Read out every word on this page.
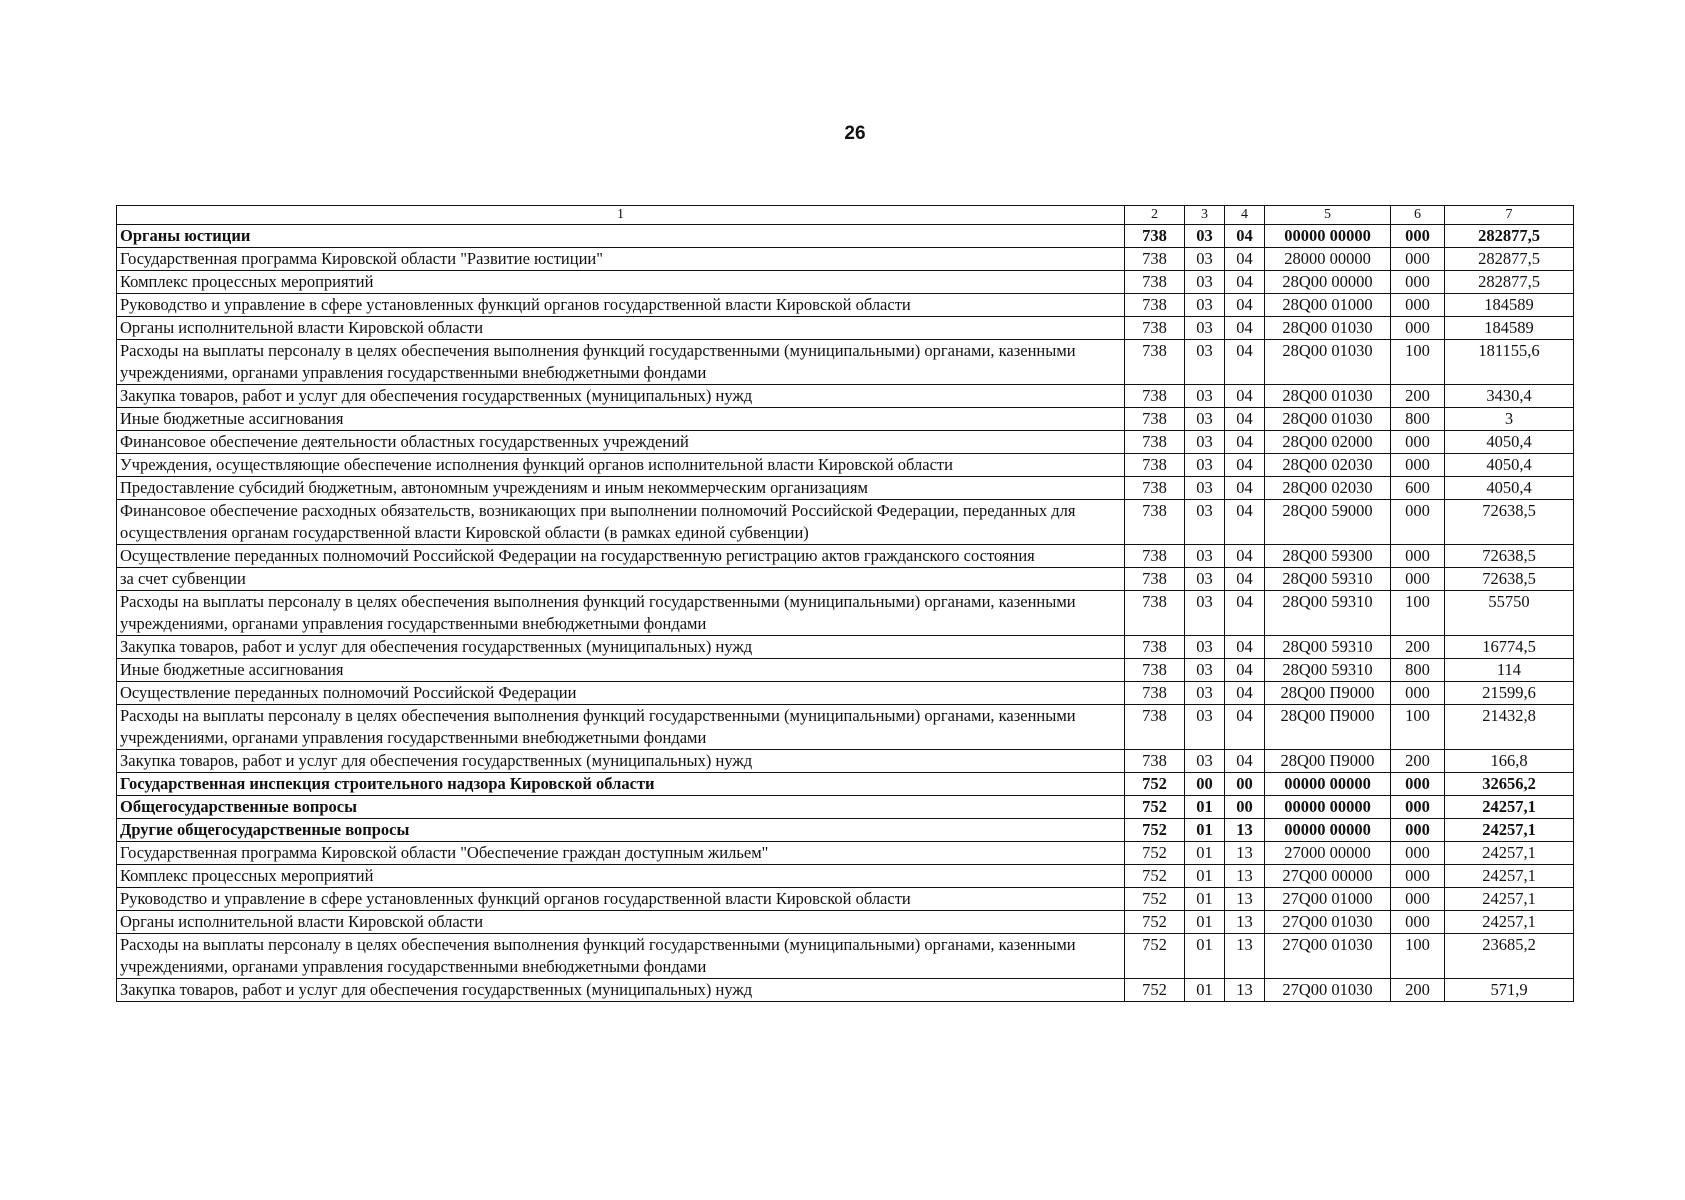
26
1	2	3	4	5	6	7
Органы юстиции	738	03	04	00000 00000	000	282877,5
Государственная программа Кировской области "Развитие юстиции"	738	03	04	28000 00000	000	282877,5
Комплекс процессных мероприятий	738	03	04	28Q00 00000	000	282877,5
Руководство и управление в сфере установленных функций органов государственной власти Кировской области	738	03	04	28Q00 01000	000	184589
Органы исполнительной власти Кировской области	738	03	04	28Q00 01030	000	184589
Расходы на выплаты персоналу в целях обеспечения выполнения функций государственными (муниципальными) органами, казенными учреждениями, органами управления государственными внебюджетными фондами	738	03	04	28Q00 01030	100	181155,6
Закупка товаров, работ и услуг для обеспечения государственных (муниципальных) нужд	738	03	04	28Q00 01030	200	3430,4
Иные бюджетные ассигнования	738	03	04	28Q00 01030	800	3
Финансовое обеспечение деятельности областных государственных учреждений	738	03	04	28Q00 02000	000	4050,4
Учреждения, осуществляющие обеспечение исполнения функций органов исполнительной власти Кировской области	738	03	04	28Q00 02030	000	4050,4
Предоставление субсидий бюджетным, автономным учреждениям и иным некоммерческим организациям	738	03	04	28Q00 02030	600	4050,4
Финансовое обеспечение расходных обязательств, возникающих при выполнении полномочий Российской Федерации, переданных для осуществления органам государственной власти Кировской области (в рамках единой субвенции)	738	03	04	28Q00 59000	000	72638,5
Осуществление переданных полномочий Российской Федерации на государственную регистрацию актов гражданского состояния	738	03	04	28Q00 59300	000	72638,5
за счет субвенции	738	03	04	28Q00 59310	000	72638,5
Расходы на выплаты персоналу в целях обеспечения выполнения функций государственными (муниципальными) органами, казенными учреждениями, органами управления государственными внебюджетными фондами	738	03	04	28Q00 59310	100	55750
Закупка товаров, работ и услуг для обеспечения государственных (муниципальных) нужд	738	03	04	28Q00 59310	200	16774,5
Иные бюджетные ассигнования	738	03	04	28Q00 59310	800	114
Осуществление переданных полномочий Российской Федерации	738	03	04	28Q00 П9000	000	21599,6
Расходы на выплаты персоналу в целях обеспечения выполнения функций государственными (муниципальными) органами, казенными учреждениями, органами управления государственными внебюджетными фондами	738	03	04	28Q00 П9000	100	21432,8
Закупка товаров, работ и услуг для обеспечения государственных (муниципальных) нужд	738	03	04	28Q00 П9000	200	166,8
Государственная инспекция строительного надзора Кировской области	752	00	00	00000 00000	000	32656,2
Общегосударственные вопросы	752	01	00	00000 00000	000	24257,1
Другие общегосударственные вопросы	752	01	13	00000 00000	000	24257,1
Государственная программа Кировской области "Обеспечение граждан доступным жильем"	752	01	13	27000 00000	000	24257,1
Комплекс процессных мероприятий	752	01	13	27Q00 00000	000	24257,1
Руководство и управление в сфере установленных функций органов государственной власти Кировской области	752	01	13	27Q00 01000	000	24257,1
Органы исполнительной власти Кировской области	752	01	13	27Q00 01030	000	24257,1
Расходы на выплаты персоналу в целях обеспечения выполнения функций государственными (муниципальными) органами, казенными учреждениями, органами управления государственными внебюджетными фондами	752	01	13	27Q00 01030	100	23685,2
Закупка товаров, работ и услуг для обеспечения государственных (муниципальных) нужд	752	01	13	27Q00 01030	200	571,9
